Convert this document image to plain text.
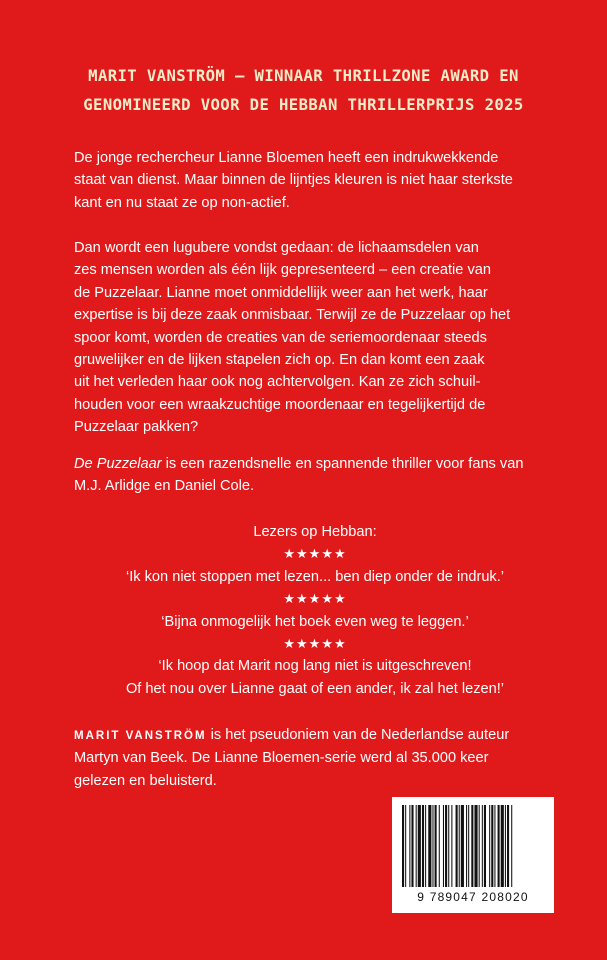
MARIT VANSTRÖM – WINNAAR THRILLZONE AWARD EN
GENOMINEERD VOOR DE HEBBAN THRILLERPRIJS 2025

De jonge rechercheur Lianne Bloemen heeft een indrukwekkende

staat van dienst. Maar binnen de lijntjes kleuren is niet haar sterkste

kant en nu staat ze op non-actief.

Dan wordt een lugubere vondst gedaan: de lichaamsdelen van

zes mensen worden als één lijk gepresenteerd – een creatie van

de Puzzelaar. Lianne moet onmiddellijk weer aan het werk, haar

expertise is bij deze zaak onmisbaar. Terwijl ze de Puzzelaar op het

spoor komt, worden de creaties van de seriemoordenaar steeds

gruwelijker en de lijken stapelen zich op. En dan komt een zaak

uit het verleden haar ook nog achtervolgen. Kan ze zich schuil-

houden voor een wraakzuchtige moordenaar en tegelijkertijd de

Puzzelaar pakken?

De Puzzelaar is een razendsnelle en spannende thriller voor fans van

M.J. Arlidge en Daniel Cole.

Lezers op Hebban:
★★★★★
‘Ik kon niet stoppen met lezen... ben diep onder de indruk.’
★★★★★
‘Bijna onmogelijk het boek even weg te leggen.’
★★★★★
‘Ik hoop dat Marit nog lang niet is uitgeschreven!
Of het nou over Lianne gaat of een ander, ik zal het lezen!’
MARIT VANSTRÖM is het pseudoniem van de Nederlandse auteur
Martyn van Beek. De Lianne Bloemen-serie werd al 35.000 keer
gelezen en beluisterd.
9 789047 208020
